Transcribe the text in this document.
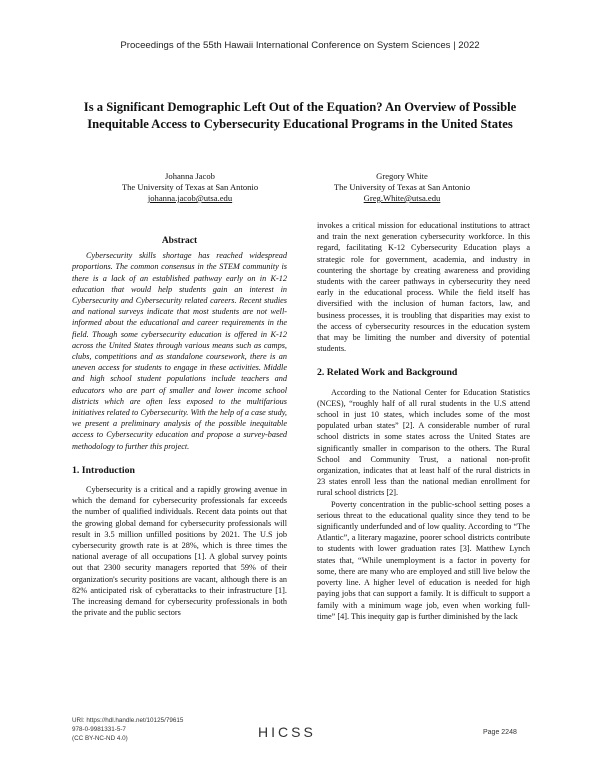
Proceedings of the 55th Hawaii International Conference on System Sciences | 2022
Is a Significant Demographic Left Out of the Equation? An Overview of Possible Inequitable Access to Cybersecurity Educational Programs in the United States
Johanna Jacob
The University of Texas at San Antonio
johanna.jacob@utsa.edu
Gregory White
The University of Texas at San Antonio
Greg.White@utsa.edu
Abstract

Cybersecurity skills shortage has reached widespread proportions. The common consensus in the STEM community is there is a lack of an established pathway early on in K-12 education that would help students gain an interest in Cybersecurity and Cybersecurity related careers. Recent studies and national surveys indicate that most students are not well-informed about the educational and career requirements in the field. Though some cybersecurity education is offered in K-12 across the United States through various means such as camps, clubs, competitions and as standalone coursework, there is an uneven access for students to engage in these activities. Middle and high school student populations include teachers and educators who are part of smaller and lower income school districts which are often less exposed to the multifarious initiatives related to Cybersecurity. With the help of a case study, we present a preliminary analysis of the possible inequitable access to Cybersecurity education and propose a survey-based methodology to further this project.

1. Introduction

Cybersecurity is a critical and a rapidly growing avenue in which the demand for cybersecurity professionals far exceeds the number of qualified individuals. Recent data points out that the growing global demand for cybersecurity professionals will result in 3.5 million unfilled positions by 2021. The U.S job cybersecurity growth rate is at 28%, which is three times the national average of all occupations [1]. A global survey points out that 2300 security managers reported that 59% of their organization's security positions are vacant, although there is an 82% anticipated risk of cyberattacks to their infrastructure [1]. The increasing demand for cybersecurity professionals in both the private and the public sectors

invokes a critical mission for educational institutions to attract and train the next generation cybersecurity workforce. In this regard, facilitating K-12 Cybersecurity Education plays a strategic role for government, academia, and industry in countering the shortage by creating awareness and providing students with the career pathways in cybersecurity they need early in the educational process. While the field itself has diversified with the inclusion of human factors, law, and business processes, it is troubling that disparities may exist to the access of cybersecurity resources in the education system that may be limiting the number and diversity of potential students.

2. Related Work and Background

According to the National Center for Education Statistics (NCES), “roughly half of all rural students in the U.S attend school in just 10 states, which includes some of the most populated urban states” [2]. A considerable number of rural school districts in some states across the United States are significantly smaller in comparison to the others. The Rural School and Community Trust, a national non-profit organization, indicates that at least half of the rural districts in 23 states enroll less than the national median enrollment for rural school districts [2].

Poverty concentration in the public-school setting poses a serious threat to the educational quality since they tend to be significantly underfunded and of low quality. According to “The Atlantic”, a literary magazine, poorer school districts contribute to students with lower graduation rates [3]. Matthew Lynch states that, “While unemployment is a factor in poverty for some, there are many who are employed and still live below the poverty line. A higher level of education is needed for high paying jobs that can support a family. It is difficult to support a family with a minimum wage job, even when working full-time” [4]. This inequity gap is further diminished by the lack

URI: https://hdl.handle.net/10125/79615
978-0-9981331-5-7
(CC BY-NC-ND 4.0)	HICSS	Page 2248
